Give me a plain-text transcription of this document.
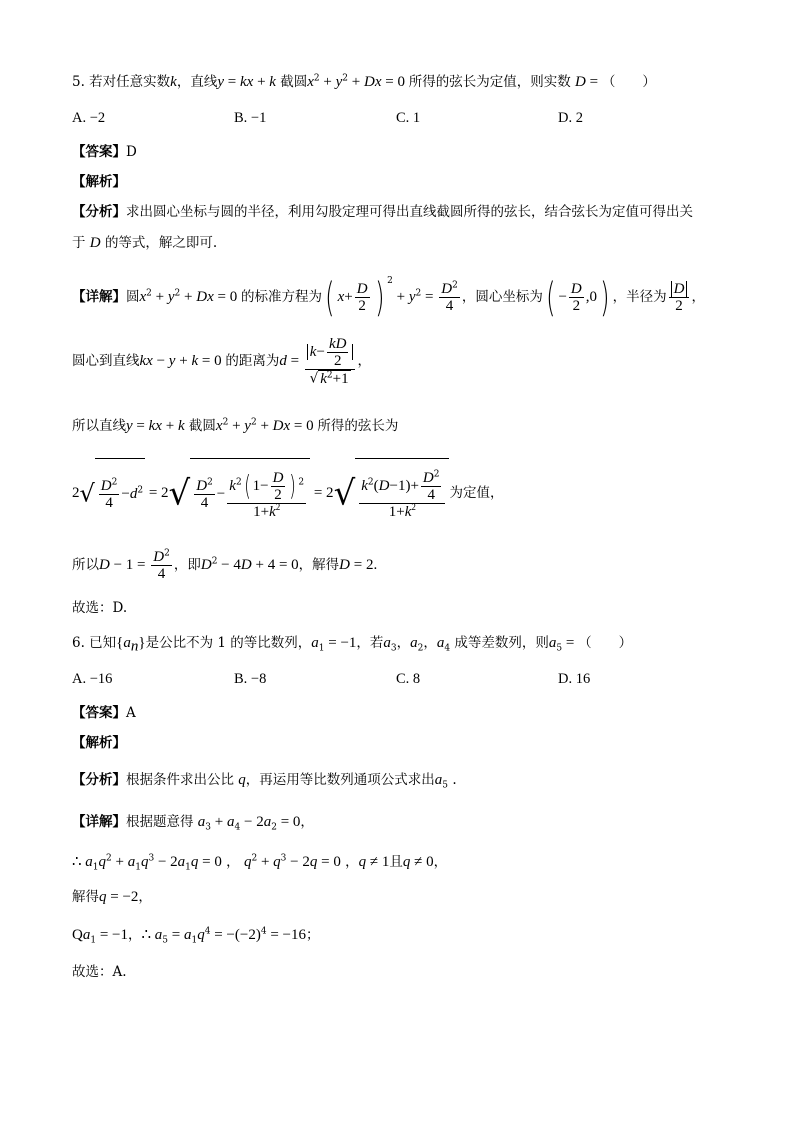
5. 若对任意实数k，直线y = kx + k 截圆$x^2 + y^2 + Dx = 0$ 所得的弦长为定值，则实数 D = （　　）
A. −2	B. −1	C. 1	D. 2
【答案】D
【解析】
【分析】求出圆心坐标与圆的半径，利用勾股定理可得出直线截圆所得的弦长，结合弦长为定值可得出关
于 D 的等式，解之即可.
【详解】圆$x^2 + y^2 + Dx = 0$ 的标准方程为( $x+ \frac{D}{2}$ ) $^2 + y^2 = \frac{D^2}{4}$ ，圆心坐标为( − $\frac{D}{2} ,0$) ，半径为 $\frac{D}{2}$ ，
圆心到直线kx − y + k = 0 的距离为$d = \frac{k- \frac{kD}{2}}{√ k^2+1}$ ，
所以直线y = kx + k 截圆$x^2 + y^2 + Dx = 0$ 所得的弦长为
$2√ \frac{D^2}{4} -d^2 = 2√ \frac{D^2}{4} - \frac{k^2( 1- \frac{D}{2} ) ^2}{1+k^2} = 2√ \frac{k^2(D-1)+ \frac{D^2}{4}}{1+k^2}$ 为定值，
所以$D - 1 = \frac{D^2}{4}$ ，即$D^2 - 4D + 4 = 0$，解得D = 2.
故选：D.
6. 已知$\{a_n\}$是公比不为 1 的等比数列，$a_1 = -1$，若$a_3$，$a_2$，$a_4$ 成等差数列，则$a_5$ = （　　）
A. −16	B. −8	C. 8	D. 16
【答案】A
【解析】
【分析】根据条件求出公比 q，再运用等比数列通项公式求出$a_5$ .
【详解】根据题意得 $a_3 + a_4 - 2a_2 = 0$，
∴ $a_1q^2 + a_1q^3 - 2a_1q = 0$ ， $q^2 + q^3 - 2q = 0$ ，q ≠ 1且q ≠ 0，
解得q = −2，
$Qa_1 = -1$，∴ $a_5 = a_1q^4 = -(-2)^4 = -16$；
故选：A.
